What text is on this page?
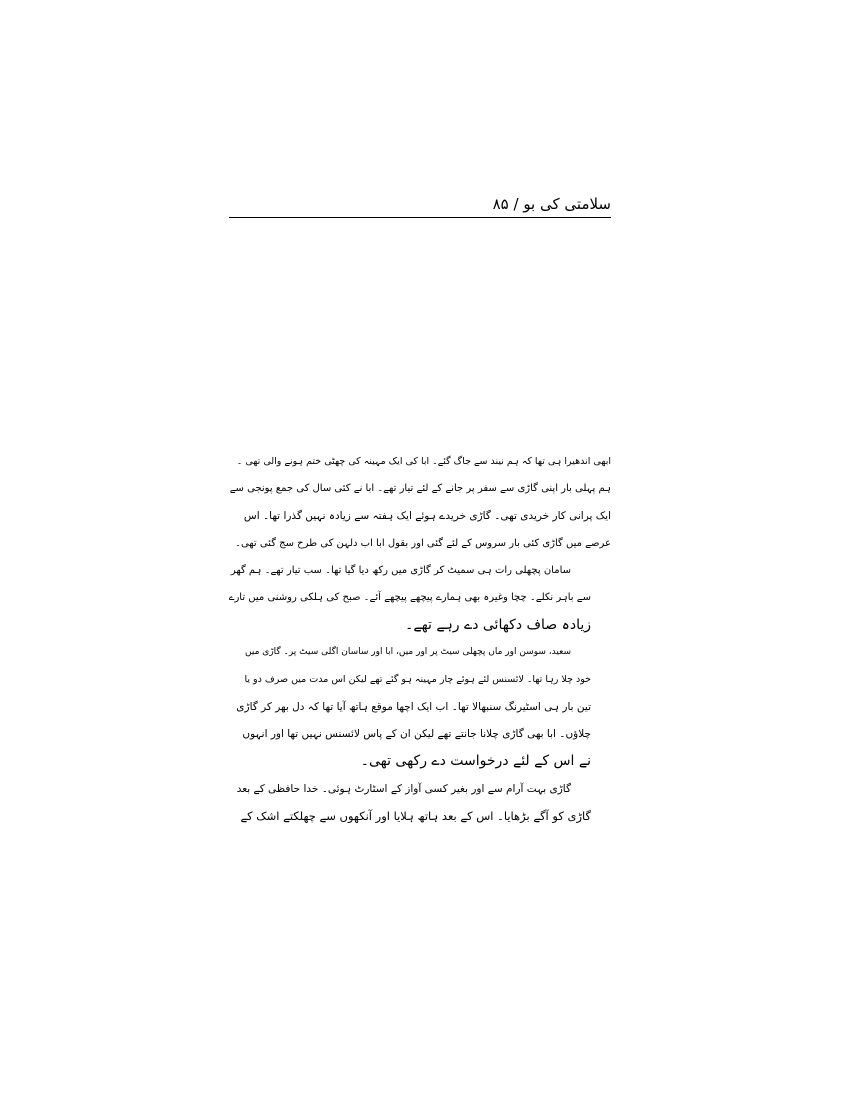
سلامتی کی بو / ۸۵

ابھی اندھیرا ہی تھا کہ ہم نیند سے جاگ گئے۔ ابا کی ایک مہینہ کی چھٹی ختم ہونے والی تھی ۔
ہم پہلی بار اپنی گاڑی سے سفر پر جانے کے لئے تیار تھے۔ ابا نے کئی سال کی جمع پونجی سے
ایک پرانی کار خریدی تھی۔ گاڑی خریدے ہوئے ایک ہفتہ سے زیادہ نہیں گذرا تھا۔ اس
عرصے میں گاڑی کئی بار سروس کے لئے گئی اور بقول ابا اب دلہن کی طرح سج گئی تھی۔

سامان پچھلی رات ہی سمیٹ کر گاڑی میں رکھ دیا گیا تھا۔ سب تیار تھے۔ ہم گھر
سے باہر نکلے۔ چچا وغیرہ بھی ہمارے پیچھے پیچھے آئے۔ صبح کی ہلکی روشنی میں تارے
زیادہ صاف دکھائی دے رہے تھے۔

سعید، سوسن اور ماں پچھلی سیٹ پر اور میں، ابا اور ساسان اگلی سیٹ پر۔ گاڑی میں
خود چلا رہا تھا۔ لائسنس لئے ہوئے چار مہینہ ہو گئے تھے لیکن اس مدت میں صرف دو یا
تین بار ہی اسٹیرنگ سنبھالا تھا۔ اب ایک اچھا موقع ہاتھ آیا تھا کہ دل بھر کر گاڑی
چلاؤں۔ ابا بھی گاڑی چلانا جانتے تھے لیکن ان کے پاس لائسنس نہیں تھا اور انہوں
نے اس کے لئے درخواست دے رکھی تھی۔

گاڑی بہت آرام سے اور بغیر کسی آواز کے اسٹارٹ ہوئی۔ خدا حافظی کے بعد
گاڑی کو آگے بڑھایا۔ اس کے بعد ہاتھ ہلایا اور آنکھوں سے چھلکتے اشک کے
